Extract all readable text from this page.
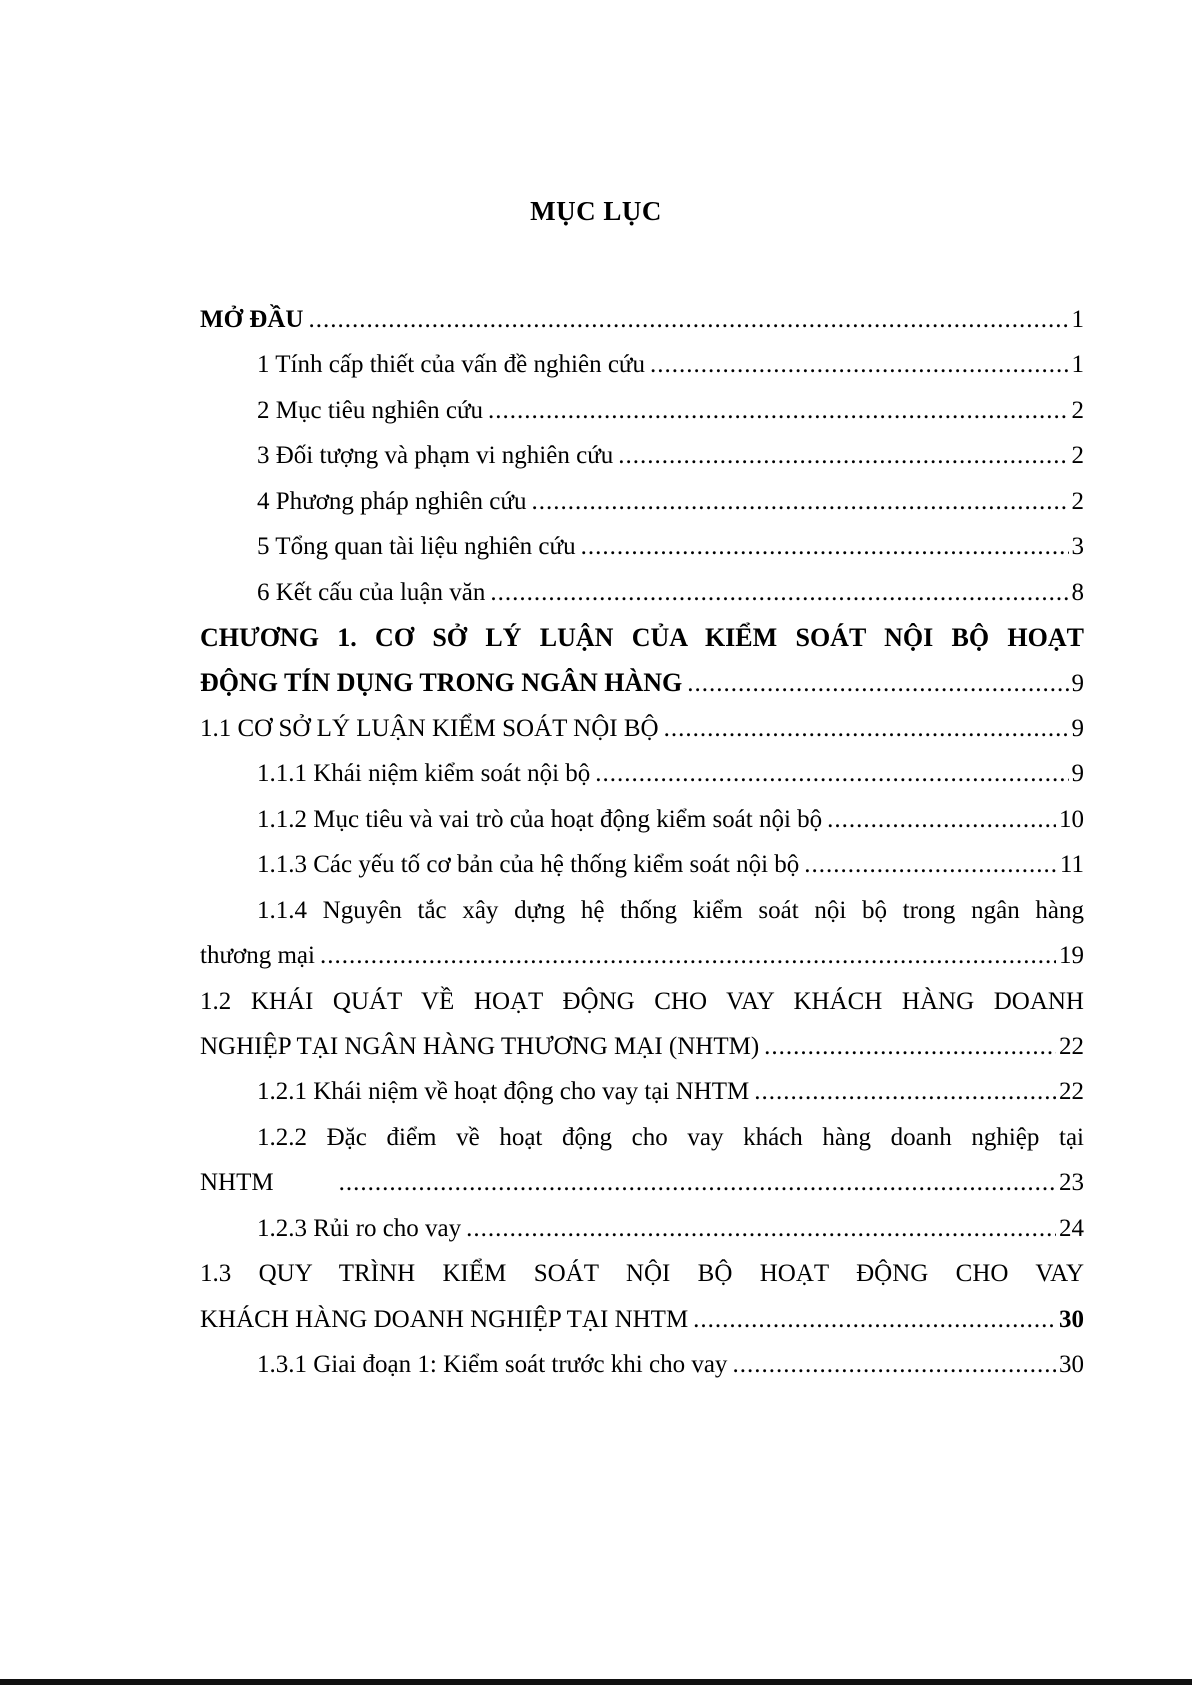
MỤC LỤC
MỞ ĐẦU .....	1
1 Tính cấp thiết của vấn đề nghiên cứu .....	1
2 Mục tiêu nghiên cứu .....	2
3 Đối tượng và phạm vi nghiên cứu .....	2
4 Phương pháp nghiên cứu .....	2
5 Tổng quan tài liệu nghiên cứu .....	3
6 Kết cấu của luận văn .....	8
CHƯƠNG 1. CƠ SỞ LÝ LUẬN CỦA KIỂM SOÁT NỘI BỘ HOẠT
ĐỘNG TÍN DỤNG TRONG NGÂN HÀNG .....	9
1.1 CƠ SỞ LÝ LUẬN KIỂM SOÁT NỘI BỘ .....	9
1.1.1 Khái niệm kiểm soát nội bộ .....	9
1.1.2 Mục tiêu và vai trò của hoạt động kiểm soát nội bộ .....	10
1.1.3 Các yếu tố cơ bản của hệ thống kiểm soát nội bộ .....	11
1.1.4 Nguyên tắc xây dựng hệ thống kiểm soát nội bộ trong ngân hàng
thương mại .....	19
1.2 KHÁI QUÁT VỀ HOẠT ĐỘNG CHO VAY KHÁCH HÀNG DOANH
NGHIỆP TẠI NGÂN HÀNG THƯƠNG MẠI (NHTM) .....	22
1.2.1 Khái niệm về hoạt động cho vay tại NHTM .....	22
1.2.2 Đặc điểm về hoạt động cho vay khách hàng doanh nghiệp tại
NHTM .....	23
1.2.3 Rủi ro cho vay .....	24
1.3 QUY TRÌNH KIỂM SOÁT NỘI BỘ HOẠT ĐỘNG CHO VAY
KHÁCH HÀNG DOANH NGHIỆP TẠI NHTM .....	30
1.3.1 Giai đoạn 1: Kiểm soát trước khi cho vay .....	30
